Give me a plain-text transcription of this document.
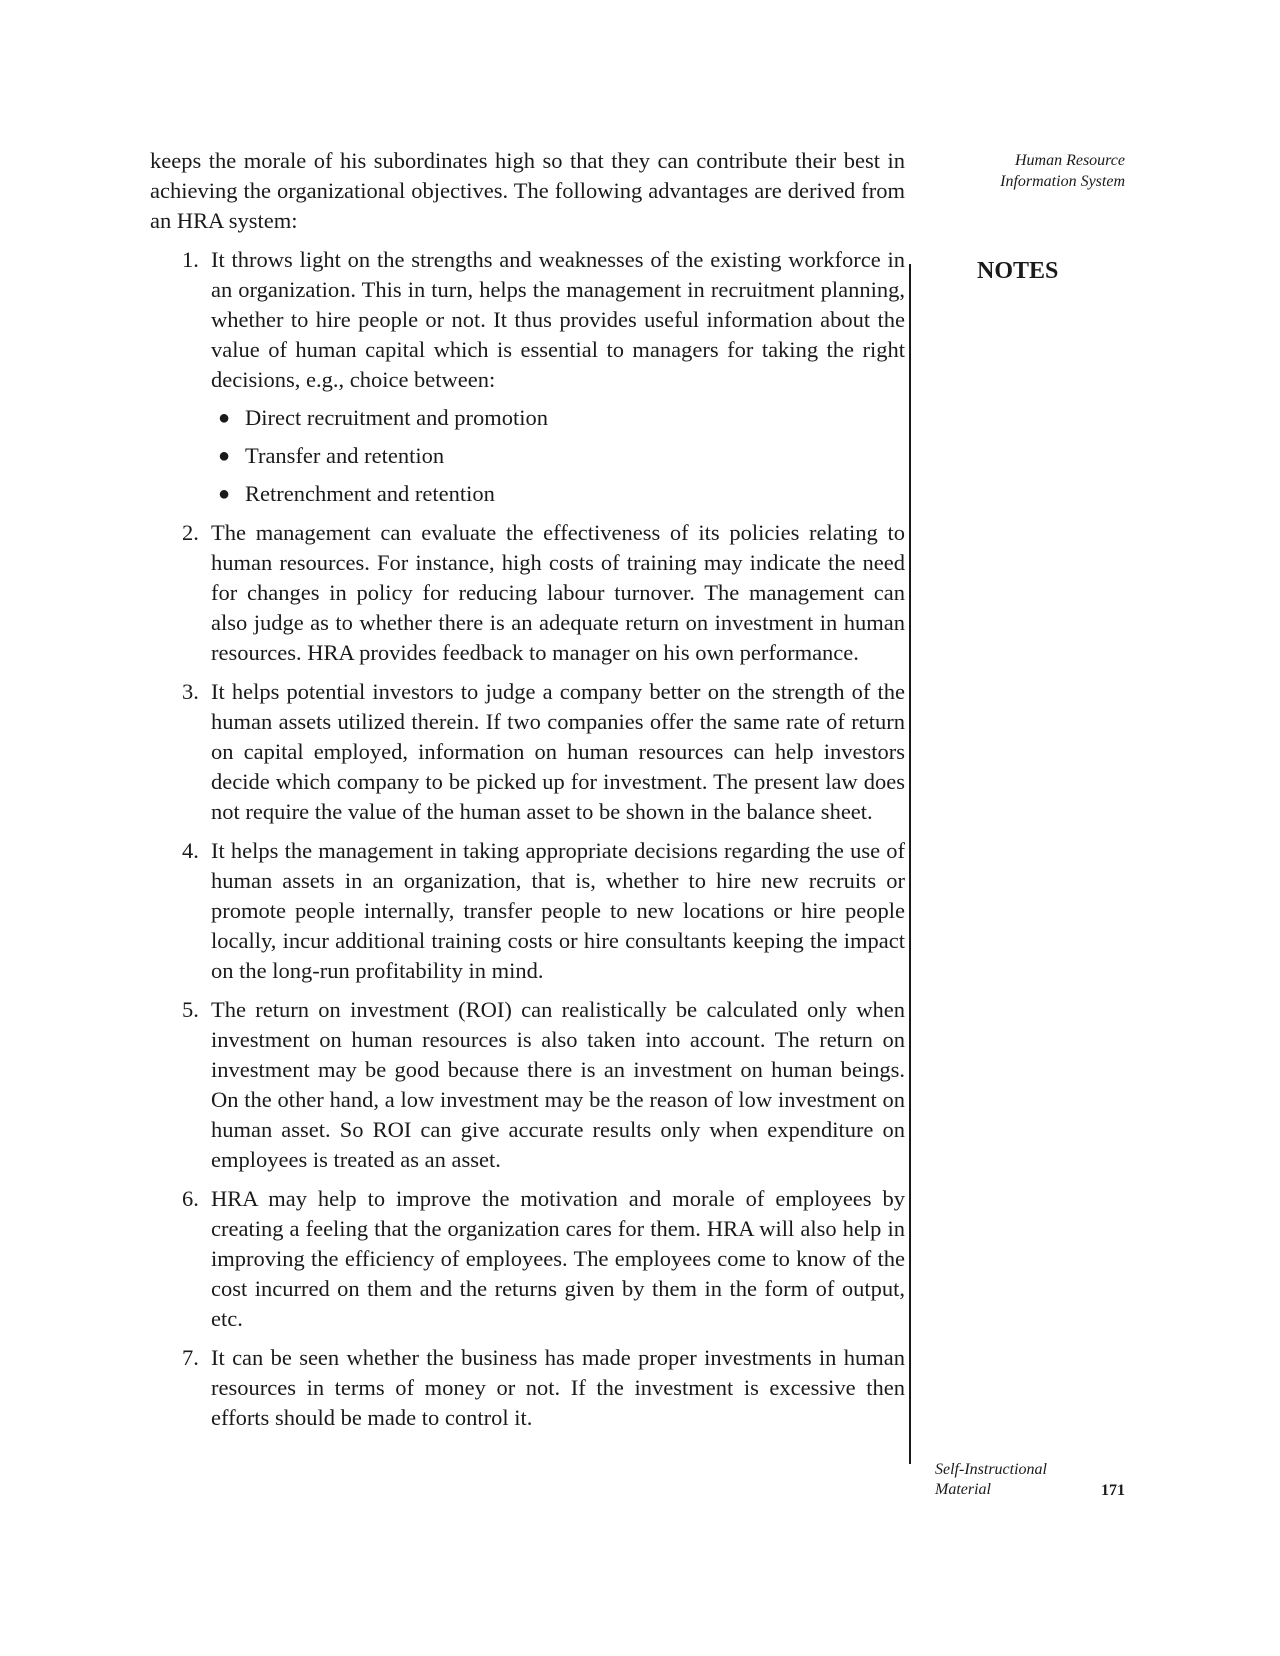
Human Resource
Information System
NOTES

keeps the morale of his subordinates high so that they can contribute their best in achieving the organizational objectives. The following advantages are derived from an HRA system:

1. It throws light on the strengths and weaknesses of the existing workforce in an organization. This in turn, helps the management in recruitment planning, whether to hire people or not. It thus provides useful information about the value of human capital which is essential to managers for taking the right decisions, e.g., choice between:
● Direct recruitment and promotion
● Transfer and retention
● Retrenchment and retention
2. The management can evaluate the effectiveness of its policies relating to human resources. For instance, high costs of training may indicate the need for changes in policy for reducing labour turnover. The management can also judge as to whether there is an adequate return on investment in human resources. HRA provides feedback to manager on his own performance.
3. It helps potential investors to judge a company better on the strength of the human assets utilized therein. If two companies offer the same rate of return on capital employed, information on human resources can help investors decide which company to be picked up for investment. The present law does not require the value of the human asset to be shown in the balance sheet.
4. It helps the management in taking appropriate decisions regarding the use of human assets in an organization, that is, whether to hire new recruits or promote people internally, transfer people to new locations or hire people locally, incur additional training costs or hire consultants keeping the impact on the long-run profitability in mind.
5. The return on investment (ROI) can realistically be calculated only when investment on human resources is also taken into account. The return on investment may be good because there is an investment on human beings. On the other hand, a low investment may be the reason of low investment on human asset. So ROI can give accurate results only when expenditure on employees is treated as an asset.
6. HRA may help to improve the motivation and morale of employees by creating a feeling that the organization cares for them. HRA will also help in improving the efficiency of employees. The employees come to know of the cost incurred on them and the returns given by them in the form of output, etc.
7. It can be seen whether the business has made proper investments in human resources in terms of money or not. If the investment is excessive then efforts should be made to control it.
Self-Instructional
Material	171
